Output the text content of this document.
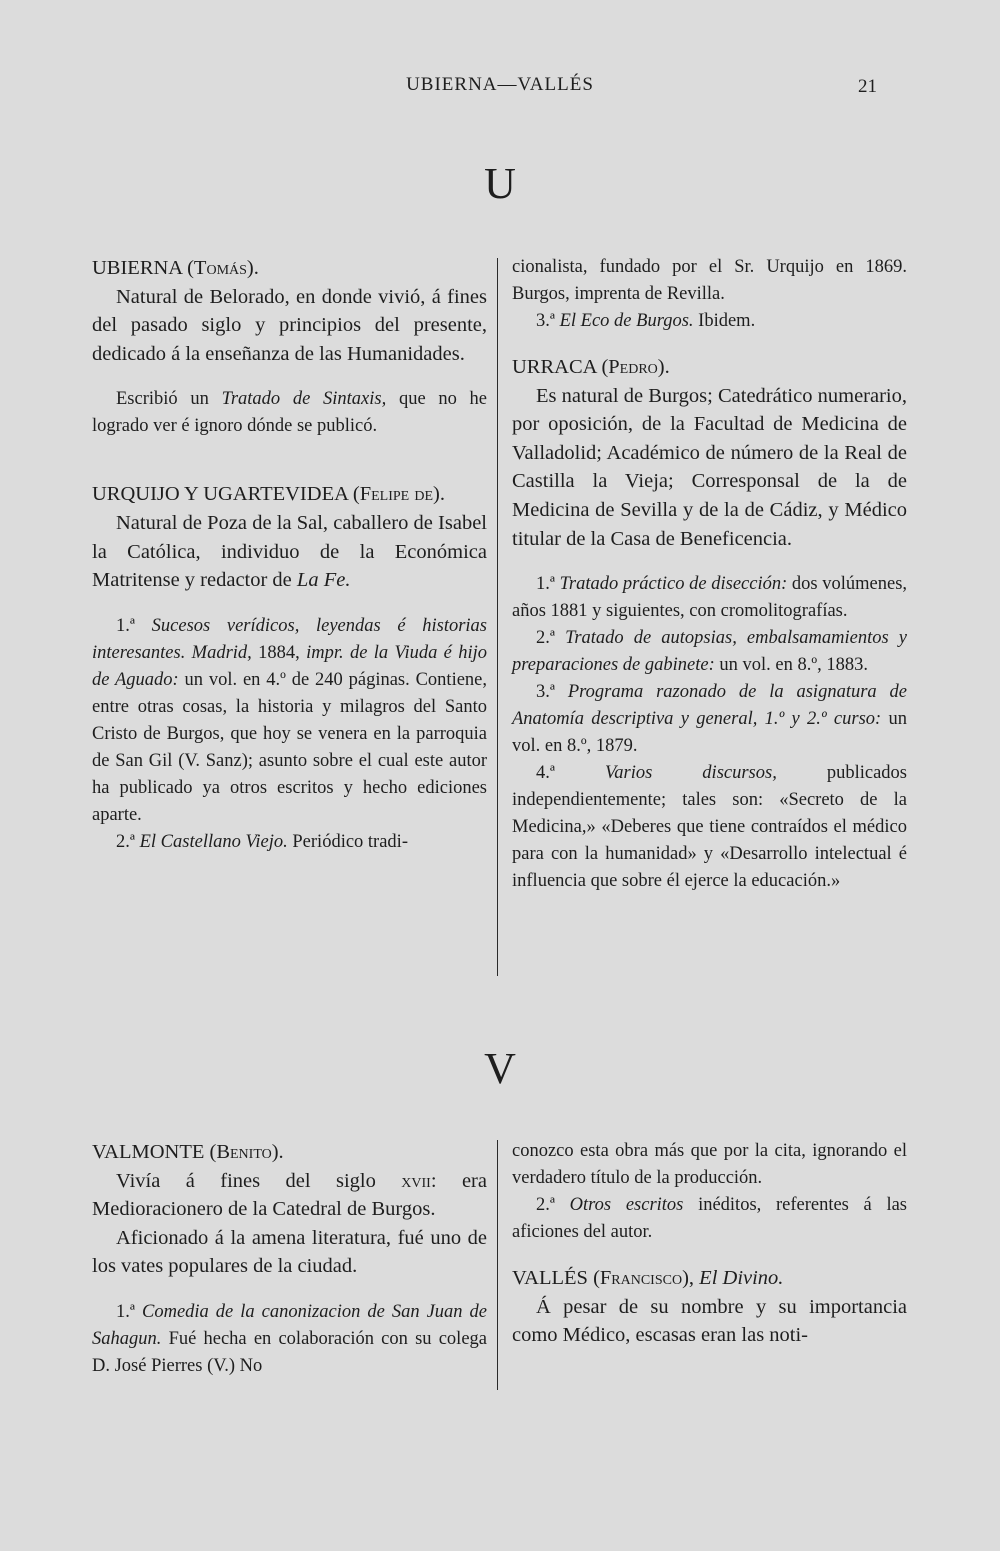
UBIERNA—VALLÉS	21
U

UBIERNA (Tomás).

Natural de Belorado, en donde vivió, á fines del pasado siglo y principios del presente, dedicado á la enseñanza de las Humanidades.

Escribió un Tratado de Sintaxis, que no he logrado ver é ignoro dónde se publicó.

URQUIJO Y UGARTEVIDEA (Felipe de).

Natural de Poza de la Sal, caballero de Isabel la Católica, individuo de la Económica Matritense y redactor de La Fe.

1.ª Sucesos verídicos, leyendas é historias interesantes. Madrid, 1884, impr. de la Viuda é hijo de Aguado: un vol. en 4.º de 240 páginas. Contiene, entre otras cosas, la historia y milagros del Santo Cristo de Burgos, que hoy se venera en la parroquia de San Gil (V. Sanz); asunto sobre el cual este autor ha publicado ya otros escritos y hecho ediciones aparte.

2.ª El Castellano Viejo. Periódico tradi-

cionalista, fundado por el Sr. Urquijo en 1869. Burgos, imprenta de Revilla.

3.ª El Eco de Burgos. Ibidem.

URRACA (Pedro).

Es natural de Burgos; Catedrático numerario, por oposición, de la Facultad de Medicina de Valladolid; Académico de número de la Real de Castilla la Vieja; Corresponsal de la de Medicina de Sevilla y de la de Cádiz, y Médico titular de la Casa de Beneficencia.

1.ª Tratado práctico de disección: dos volúmenes, años 1881 y siguientes, con cromolitografías.

2.ª Tratado de autopsias, embalsamamientos y preparaciones de gabinete: un vol. en 8.º, 1883.

3.ª Programa razonado de la asignatura de Anatomía descriptiva y general, 1.º y 2.º curso: un vol. en 8.º, 1879.

4.ª	Varios discursos,	publicados independientemente; tales son: «Secreto de la Medicina,» «Deberes que tiene contraídos el médico para con la humanidad» y «Desarrollo intelectual é influencia que sobre él ejerce la educación.»

V

VALMONTE (Benito).

Vivía á fines del siglo xvii: era Medioracionero de la Catedral de Burgos.

Aficionado á la amena literatura, fué uno de los vates populares de la ciudad.

1.ª Comedia de la canonizacion de San Juan de Sahagun. Fué hecha en colaboración con su colega D. José Pierres (V.) No

conozco esta obra más que por la cita, ignorando el verdadero título de la producción.

2.ª Otros escritos inéditos, referentes á las aficiones del autor.

VALLÉS (Francisco), El Divino.

Á pesar de su nombre y su importancia como Médico, escasas eran las noti-
